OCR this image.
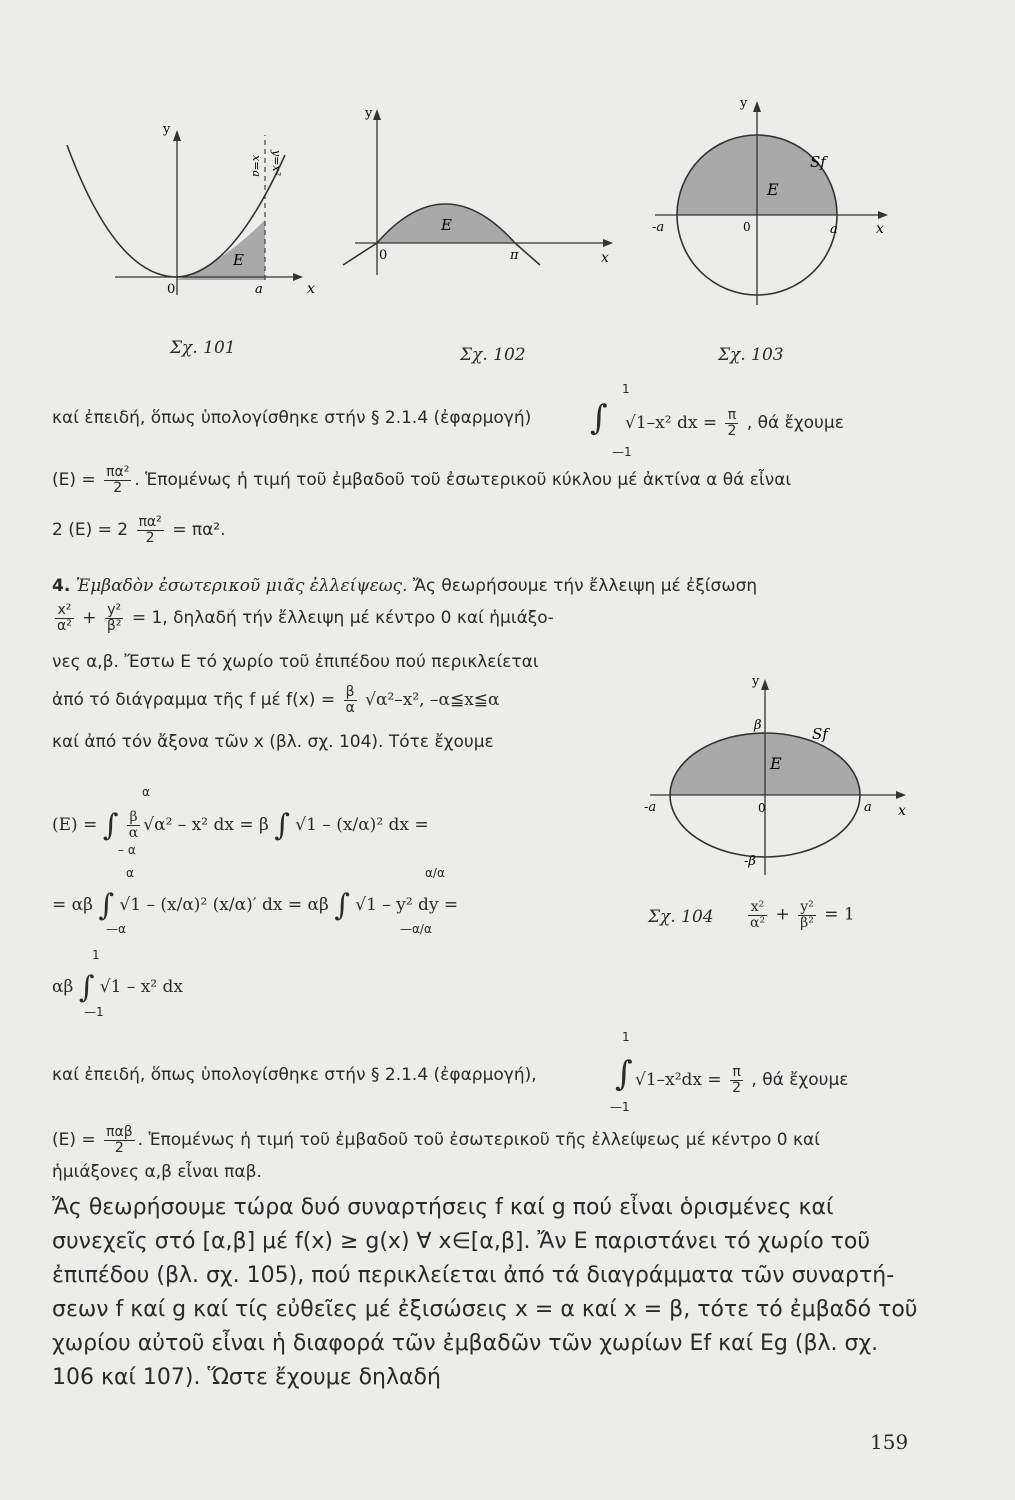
y
x
0	a
E
x=a y=x²
Σχ. 101
y
x
0	π
E
Σχ. 102
y
x
0	a
-a
E
Sf
Σχ. 103
καί ἐπειδή, ὅπως ὑπολογίσθηκε στήν § 2.1.4 (ἐφαρμογή) ∫
1
—1
√1–x² dx = $\frac{\pi}{2}$ , θά ἔχουμε
$(E) = \frac{\text{πα²}}{2}$ . Ἑπομένως ἡ τιμή τοῦ ἐμβαδοῦ τοῦ ἐσωτερικοῦ κύκλου μέ ἀκτίνα α θά εἶναι
2 $(E) = 2 \frac{\text{πα²}}{2} = \pi\alpha^2$.
4. Ἐμβαδὸν ἐσωτερικοῦ μιᾶς ἐλλείψεως. Ἄς θεωρήσουμε τήν ἔλλειψη μέ ἐξίσωση
$\frac{\text{x²}}{\text{α²}} + \frac{\text{y²}}{\text{β²}} = 1$, δηλαδή τήν ἔλλειψη μέ κέντρο 0 καί ἡμιάξο-
νες α,β. Ἔστω E τό χωρίο τοῦ ἐπιπέδου πού περικλείεται
ἀπό τό διάγραμμα τῆς f μέ $f(x) = \frac{\beta}{\alpha} √\alpha^2-x^2$, –α≦x≦α
καί ἀπό τόν ἄξονα τῶν x (βλ. σχ. 104). Τότε ἔχουμε
(E) = ∫ $\frac{\beta}{\alpha} √\alpha^2 - x^2$ dx = β ∫ √1 – (x/α)² dx =
α
– α
= αβ ∫ √1 – (x/α)² (x/α)′ dx = αβ ∫ √1 – y² dy =
α
—α
α/α
—α/α
αβ ∫ √1 – x² dx
1
—1
y
x
0	a
-a
β
-β
E
Sf
Σχ. $104 \frac{\text{x²}}{\text{α²}} + \frac{\text{y²}}{\text{β²}} = 1$
καί ἐπειδή, ὅπως ὑπολογίσθηκε στήν § 2.1.4 (ἐφαρμογή), ∫
1
—1
$√1-x^2dx = \frac{\pi}{2}$ , θά ἔχουμε
$(E) = \frac{\text{παβ}}{2}$ . Ἑπομένως ἡ τιμή τοῦ ἐμβαδοῦ τοῦ ἐσωτερικοῦ τῆς ἐλλείψεως μέ κέντρο 0 καί
ἡμιάξονες α,β εἶναι παβ.
Ἄς θεωρήσουμε τώρα δυό συναρτήσεις f καί g πού εἶναι ὁρισμένες καί
συνεχεῖς στό [α,β] μέ f(x) ≥ g(x) ∀ x∈[α,β]. Ἄν E παριστάνει τό χωρίο τοῦ
ἐπιπέδου (βλ. σχ. 105), πού περικλείεται ἀπό τά διαγράμματα τῶν συναρτή-
σεων f καί g καί τίς εὐθεῖες μέ ἐξισώσεις x = α καί x = β, τότε τό ἐμβαδό τοῦ
χωρίου αὐτοῦ εἶναι ἡ διαφορά τῶν ἐμβαδῶν τῶν χωρίων Ef καί Eg (βλ. σχ.
106 καί 107). Ὥστε ἔχουμε δηλαδή
159
